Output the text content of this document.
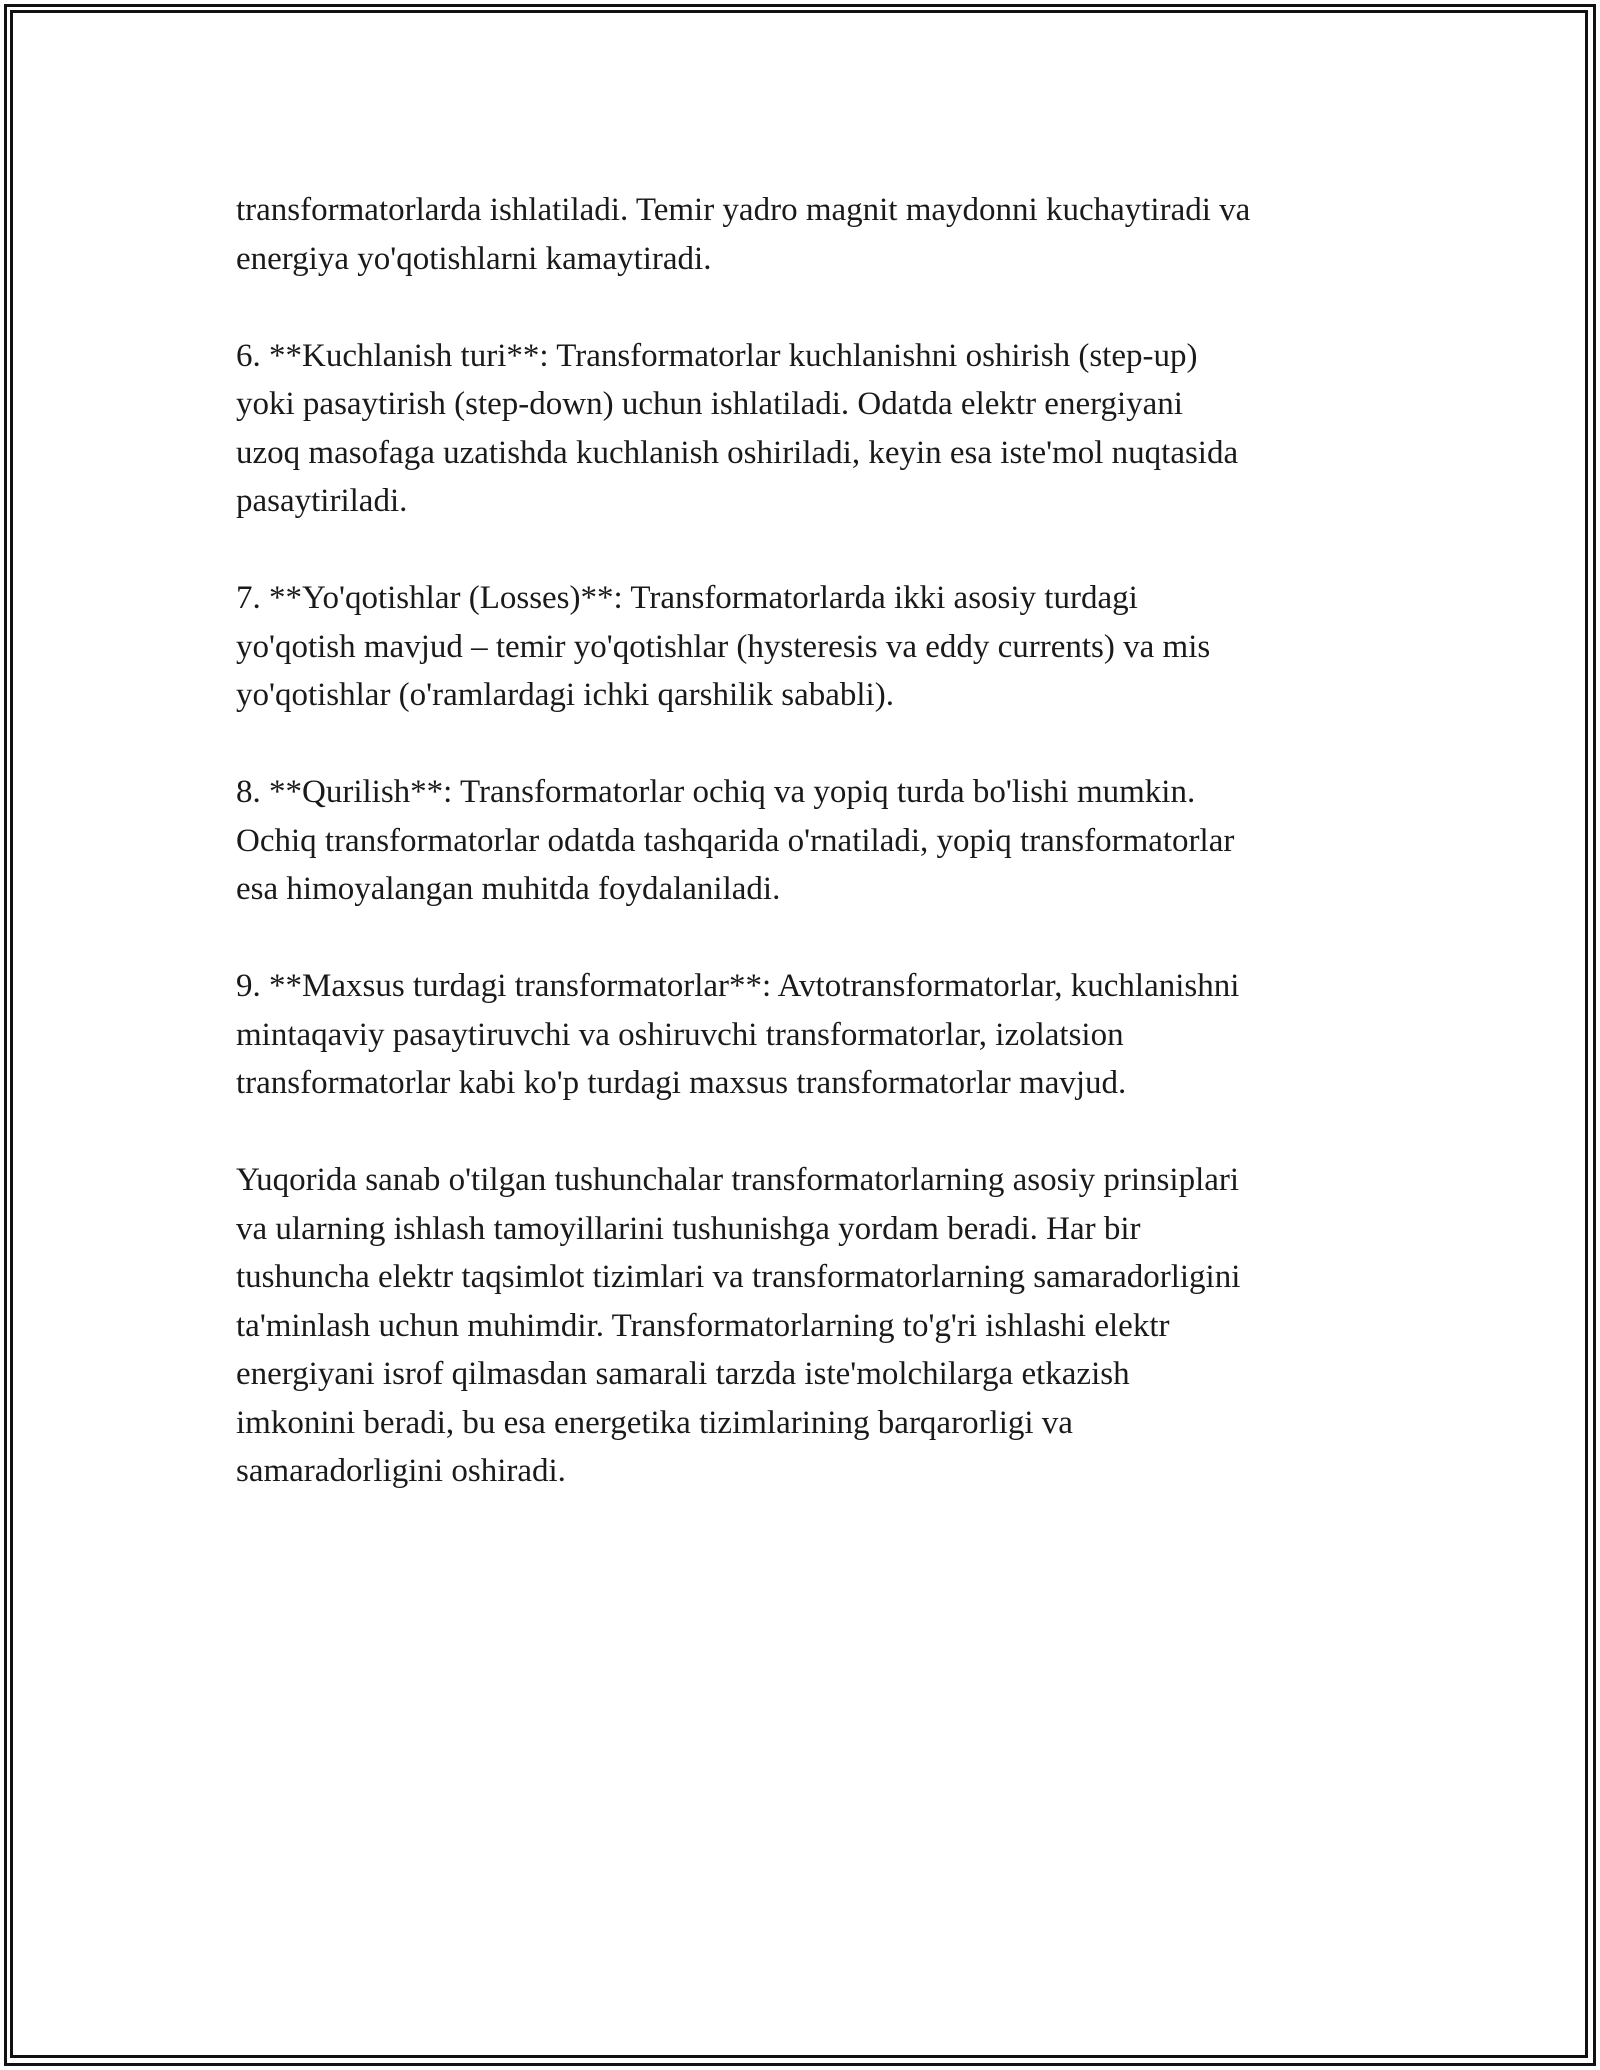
transformatorlarda ishlatiladi. Temir yadro magnit maydonni kuchaytiradi va
energiya yo'qotishlarni kamaytiradi.

6. **Kuchlanish turi**: Transformatorlar kuchlanishni oshirish (step-up)
yoki pasaytirish (step-down) uchun ishlatiladi. Odatda elektr energiyani
uzoq masofaga uzatishda kuchlanish oshiriladi, keyin esa iste'mol nuqtasida
pasaytiriladi.

7. **Yo'qotishlar (Losses)**: Transformatorlarda ikki asosiy turdagi
yo'qotish mavjud – temir yo'qotishlar (hysteresis va eddy currents) va mis
yo'qotishlar (o'ramlardagi ichki qarshilik sababli).

8. **Qurilish**: Transformatorlar ochiq va yopiq turda bo'lishi mumkin.
Ochiq transformatorlar odatda tashqarida o'rnatiladi, yopiq transformatorlar
esa himoyalangan muhitda foydalaniladi.

9. **Maxsus turdagi transformatorlar**: Avtotransformatorlar, kuchlanishni
mintaqaviy pasaytiruvchi va oshiruvchi transformatorlar, izolatsion
transformatorlar kabi ko'p turdagi maxsus transformatorlar mavjud.

Yuqorida sanab o'tilgan tushunchalar transformatorlarning asosiy prinsiplari
va ularning ishlash tamoyillarini tushunishga yordam beradi. Har bir
tushuncha elektr taqsimlot tizimlari va transformatorlarning samaradorligini
ta'minlash uchun muhimdir. Transformatorlarning to'g'ri ishlashi elektr
energiyani isrof qilmasdan samarali tarzda iste'molchilarga etkazish
imkonini beradi, bu esa energetika tizimlarining barqarorligi va
samaradorligini oshiradi.
